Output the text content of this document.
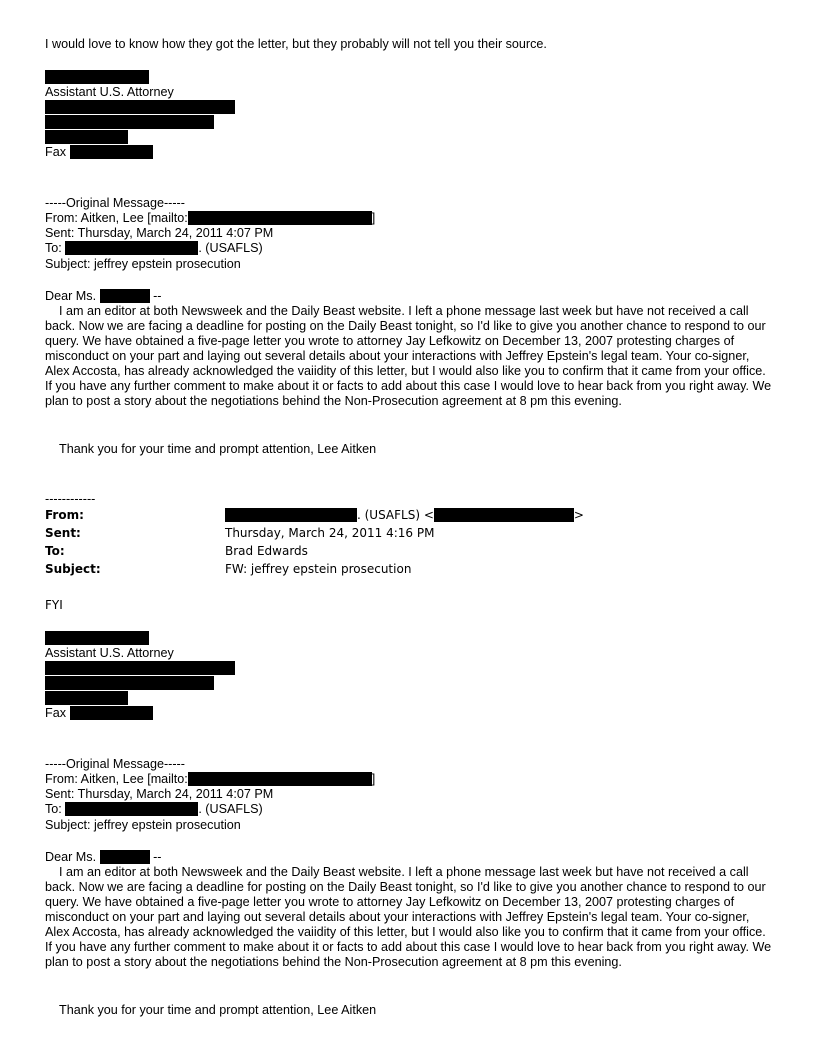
I would love to know how they got the letter, but they probably will not tell you their source.
Assistant U.S. Attorney
Fax
-----Original Message-----
From: Aitken, Lee [mailto:	]
Sent: Thursday, March 24, 2011 4:07 PM
To:	. (USAFLS)
Subject: jeffrey epstein prosecution
Dear Ms.	--
I am an editor at both Newsweek and the Daily Beast website. I left a phone message last week but have not received a call back. Now we are facing a deadline for posting on the Daily Beast tonight, so I'd like to give you another chance to respond to our query. We have obtained a five-page letter you wrote to attorney Jay Lefkowitz on December 13, 2007 protesting charges of misconduct on your part and laying out several details about your interactions with Jeffrey Epstein's legal team. Your co-signer, Alex Accosta, has already acknowledged the vaiidity of this letter, but I would also like you to confirm that it came from your office. If you have any further comment to make about it or facts to add about this case I would love to hear back from you right away. We plan to post a story about the negotiations behind the Non-Prosecution agreement at 8 pm this evening.
Thank you for your time and prompt attention, Lee Aitken
------------
From:	. (USAFLS) <	>
Sent:	Thursday, March 24, 2011 4:16 PM
To:	Brad Edwards
Subject:	FW: jeffrey epstein prosecution
FYI
Assistant U.S. Attorney
Fax
-----Original Message-----
From: Aitken, Lee [mailto:	]
Sent: Thursday, March 24, 2011 4:07 PM
To:	. (USAFLS)
Subject: jeffrey epstein prosecution
Dear Ms.	--
I am an editor at both Newsweek and the Daily Beast website. I left a phone message last week but have not received a call back. Now we are facing a deadline for posting on the Daily Beast tonight, so I'd like to give you another chance to respond to our query. We have obtained a five-page letter you wrote to attorney Jay Lefkowitz on December 13, 2007 protesting charges of misconduct on your part and laying out several details about your interactions with Jeffrey Epstein's legal team. Your co-signer, Alex Accosta, has already acknowledged the vaiidity of this letter, but I would also like you to confirm that it came from your office. If you have any further comment to make about it or facts to add about this case I would love to hear back from you right away. We plan to post a story about the negotiations behind the Non-Prosecution agreement at 8 pm this evening.
Thank you for your time and prompt attention, Lee Aitken
